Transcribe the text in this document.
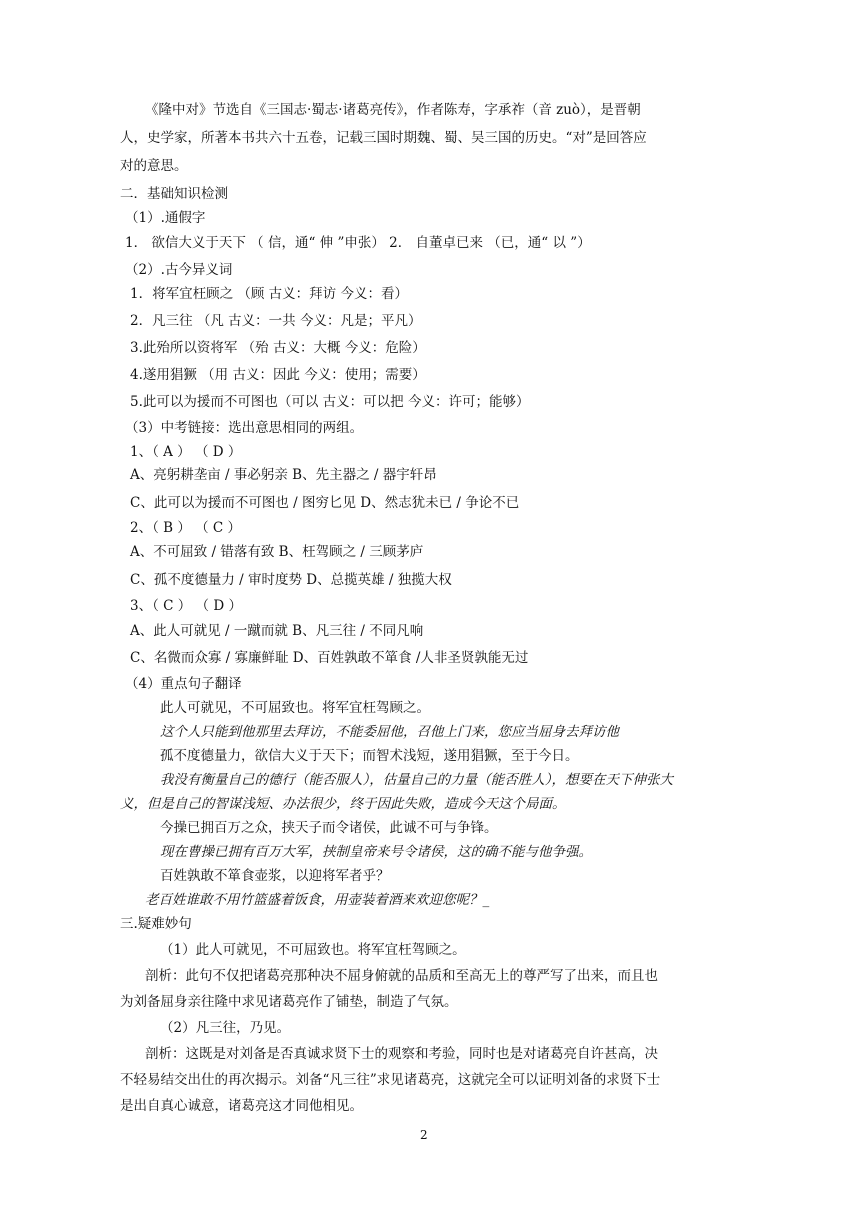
《隆中对》节选自《三国志·蜀志·诸葛亮传》，作者陈寿，字承祚（音 zuò），是晋朝
人，史学家，所著本书共六十五卷，记载三国时期魏、蜀、吴三国的历史。“对”是回答应
对的意思。
二．基础知识检测
（1）.通假字
1． 欲信大义于天下 （ 信，通“ 伸 ”申张） 2． 自董卓已来 （已，通“ 以 ”）
（2）.古今异义词
1．将军宜枉顾之 （顾 古义：拜访 今义：看）
2．凡三往 （凡 古义：一共 今义：凡是；平凡）
3.此殆所以资将军 （殆 古义：大概 今义：危险）
4.遂用猖獗 （用 古义：因此 今义：使用；需要）
5.此可以为援而不可图也（可以 古义：可以把 今义：许可；能够）
（3）中考链接：选出意思相同的两组。
1、（ A ） （ D ）
A、亮躬耕垄亩 / 事必躬亲 B、先主器之 / 器宇轩昂
C、此可以为援而不可图也 / 图穷匕见 D、然志犹未已 / 争论不已
2、（ B ） （ C ）
A、不可屈致 / 错落有致 B、枉驾顾之 / 三顾茅庐
C、孤不度德量力 / 审时度势 D、总揽英雄 / 独揽大权
3、（ C ） （ D ）
A、此人可就见 / 一蹴而就 B、凡三往 / 不同凡响
C、名微而众寡 / 寡廉鲜耻 D、百姓孰敢不箪食 /人非圣贤孰能无过
（4）重点句子翻译
此人可就见，不可屈致也。将军宜枉驾顾之。
这个人只能到他那里去拜访，不能委屈他，召他上门来，您应当屈身去拜访他
孤不度德量力，欲信大义于天下；而智术浅短，遂用猖獗，至于今日。
我没有衡量自己的德行（能否服人），估量自己的力量（能否胜人），想要在天下伸张大
义，但是自己的智谋浅短、办法很少，终于因此失败，造成今天这个局面。
今操已拥百万之众，挟天子而令诸侯，此诚不可与争锋。
现在曹操已拥有百万大军，挟制皇帝来号令诸侯，这的确不能与他争强。
百姓孰敢不箪食壶浆，以迎将军者乎？
老百姓谁敢不用竹篮盛着饭食，用壶装着酒来欢迎您呢？_
三.疑难妙句
（1）此人可就见，不可屈致也。将军宜枉驾顾之。
剖析：此句不仅把诸葛亮那种决不屈身俯就的品质和至高无上的尊严写了出来，而且也
为刘备屈身亲往隆中求见诸葛亮作了铺垫，制造了气氛。
（2）凡三往，乃见。
剖析：这既是对刘备是否真诚求贤下士的观察和考验，同时也是对诸葛亮自许甚高，决
不轻易结交出仕的再次揭示。刘备“凡三往”求见诸葛亮，这就完全可以证明刘备的求贤下士
是出自真心诚意，诸葛亮这才同他相见。
2
